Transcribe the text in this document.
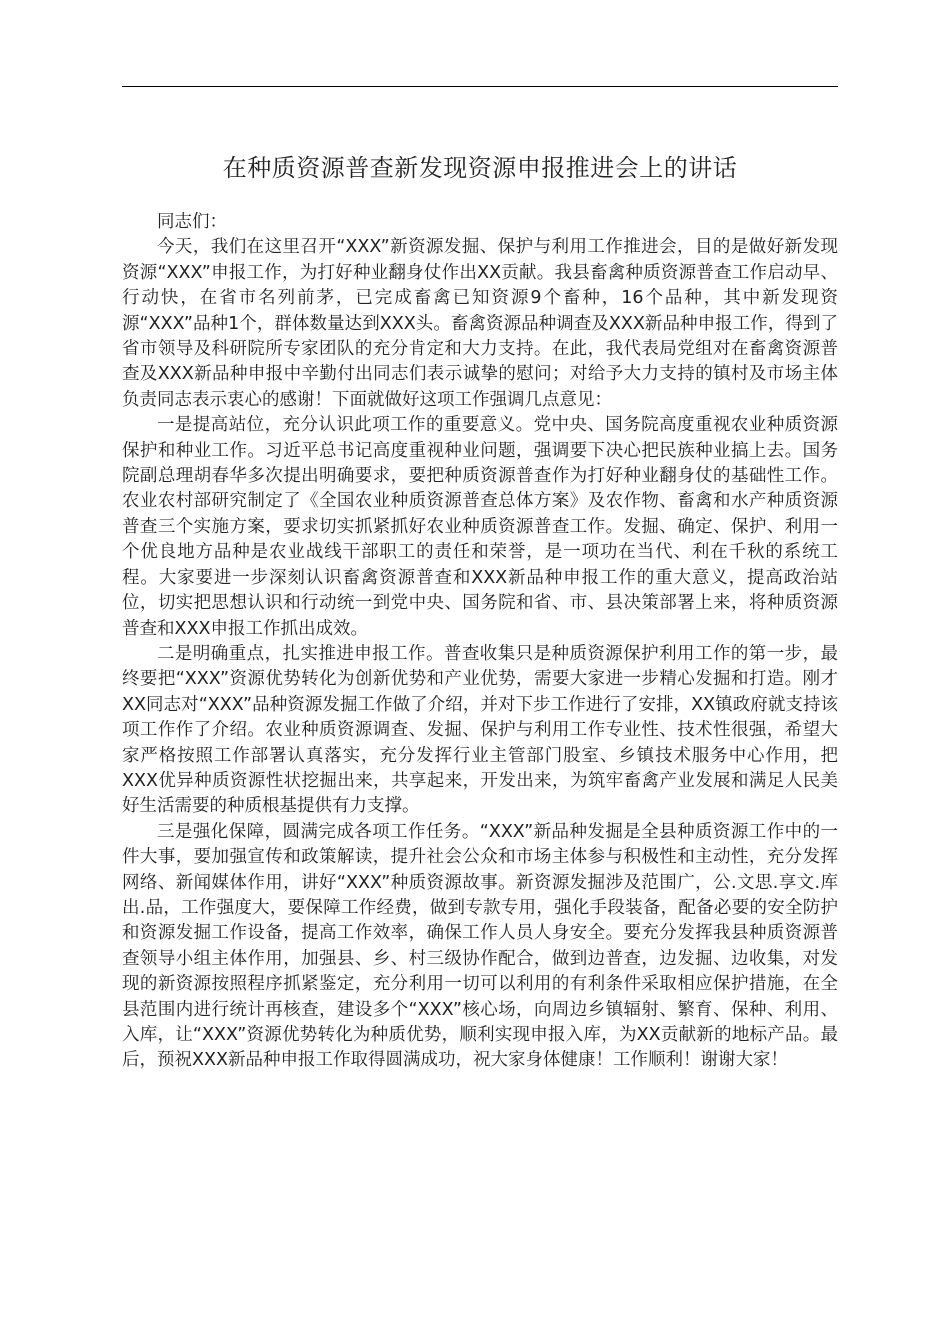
在种质资源普查新发现资源申报推进会上的讲话

同志们：

今天，我们在这里召开“XXX”新资源发掘、保护与利用工作推进会，目的是做好新发现资源“XXX”申报工作，为打好种业翻身仗作出XX贡献。我县畜禽种质资源普查工作启动早、行动快，在省市名列前茅，已完成畜禽已知资源9个畜种，16个品种，其中新发现资源“XXX”品种1个，群体数量达到XXX头。畜禽资源品种调查及XXX新品种申报工作，得到了省市领导及科研院所专家团队的充分肯定和大力支持。在此，我代表局党组对在畜禽资源普查及XXX新品种申报中辛勤付出同志们表示诚挚的慰问；对给予大力支持的镇村及市场主体负责同志表示衷心的感谢！下面就做好这项工作强调几点意见：

一是提高站位，充分认识此项工作的重要意义。党中央、国务院高度重视农业种质资源保护和种业工作。习近平总书记高度重视种业问题，强调要下决心把民族种业搞上去。国务院副总理胡春华多次提出明确要求，要把种质资源普查作为打好种业翻身仗的基础性工作。农业农村部研究制定了《全国农业种质资源普查总体方案》及农作物、畜禽和水产种质资源普查三个实施方案，要求切实抓紧抓好农业种质资源普查工作。发掘、确定、保护、利用一个优良地方品种是农业战线干部职工的责任和荣誉，是一项功在当代、利在千秋的系统工程。大家要进一步深刻认识畜禽资源普查和XXX新品种申报工作的重大意义，提高政治站位，切实把思想认识和行动统一到党中央、国务院和省、市、县决策部署上来，将种质资源普查和XXX申报工作抓出成效。

二是明确重点，扎实推进申报工作。普查收集只是种质资源保护利用工作的第一步，最终要把“XXX”资源优势转化为创新优势和产业优势，需要大家进一步精心发掘和打造。刚才XX同志对“XXX”品种资源发掘工作做了介绍，并对下步工作进行了安排，XX镇政府就支持该项工作作了介绍。农业种质资源调查、发掘、保护与利用工作专业性、技术性很强，希望大家严格按照工作部署认真落实，充分发挥行业主管部门股室、乡镇技术服务中心作用，把XXX优异种质资源性状挖掘出来，共享起来，开发出来，为筑牢畜禽产业发展和满足人民美好生活需要的种质根基提供有力支撑。

三是强化保障，圆满完成各项工作任务。“XXX”新品种发掘是全县种质资源工作中的一件大事，要加强宣传和政策解读，提升社会公众和市场主体参与积极性和主动性，充分发挥网络、新闻媒体作用，讲好“XXX”种质资源故事。新资源发掘涉及范围广，公.文思.享文.库出.品，工作强度大，要保障工作经费，做到专款专用，强化手段装备，配备必要的安全防护和资源发掘工作设备，提高工作效率，确保工作人员人身安全。要充分发挥我县种质资源普查领导小组主体作用，加强县、乡、村三级协作配合，做到边普查，边发掘、边收集，对发现的新资源按照程序抓紧鉴定，充分利用一切可以利用的有利条件采取相应保护措施，在全县范围内进行统计再核查，建设多个“XXX”核心场，向周边乡镇辐射、繁育、保种、利用、入库，让“XXX”资源优势转化为种质优势，顺利实现申报入库，为XX贡献新的地标产品。最后，预祝XXX新品种申报工作取得圆满成功，祝大家身体健康！工作顺利！谢谢大家！
